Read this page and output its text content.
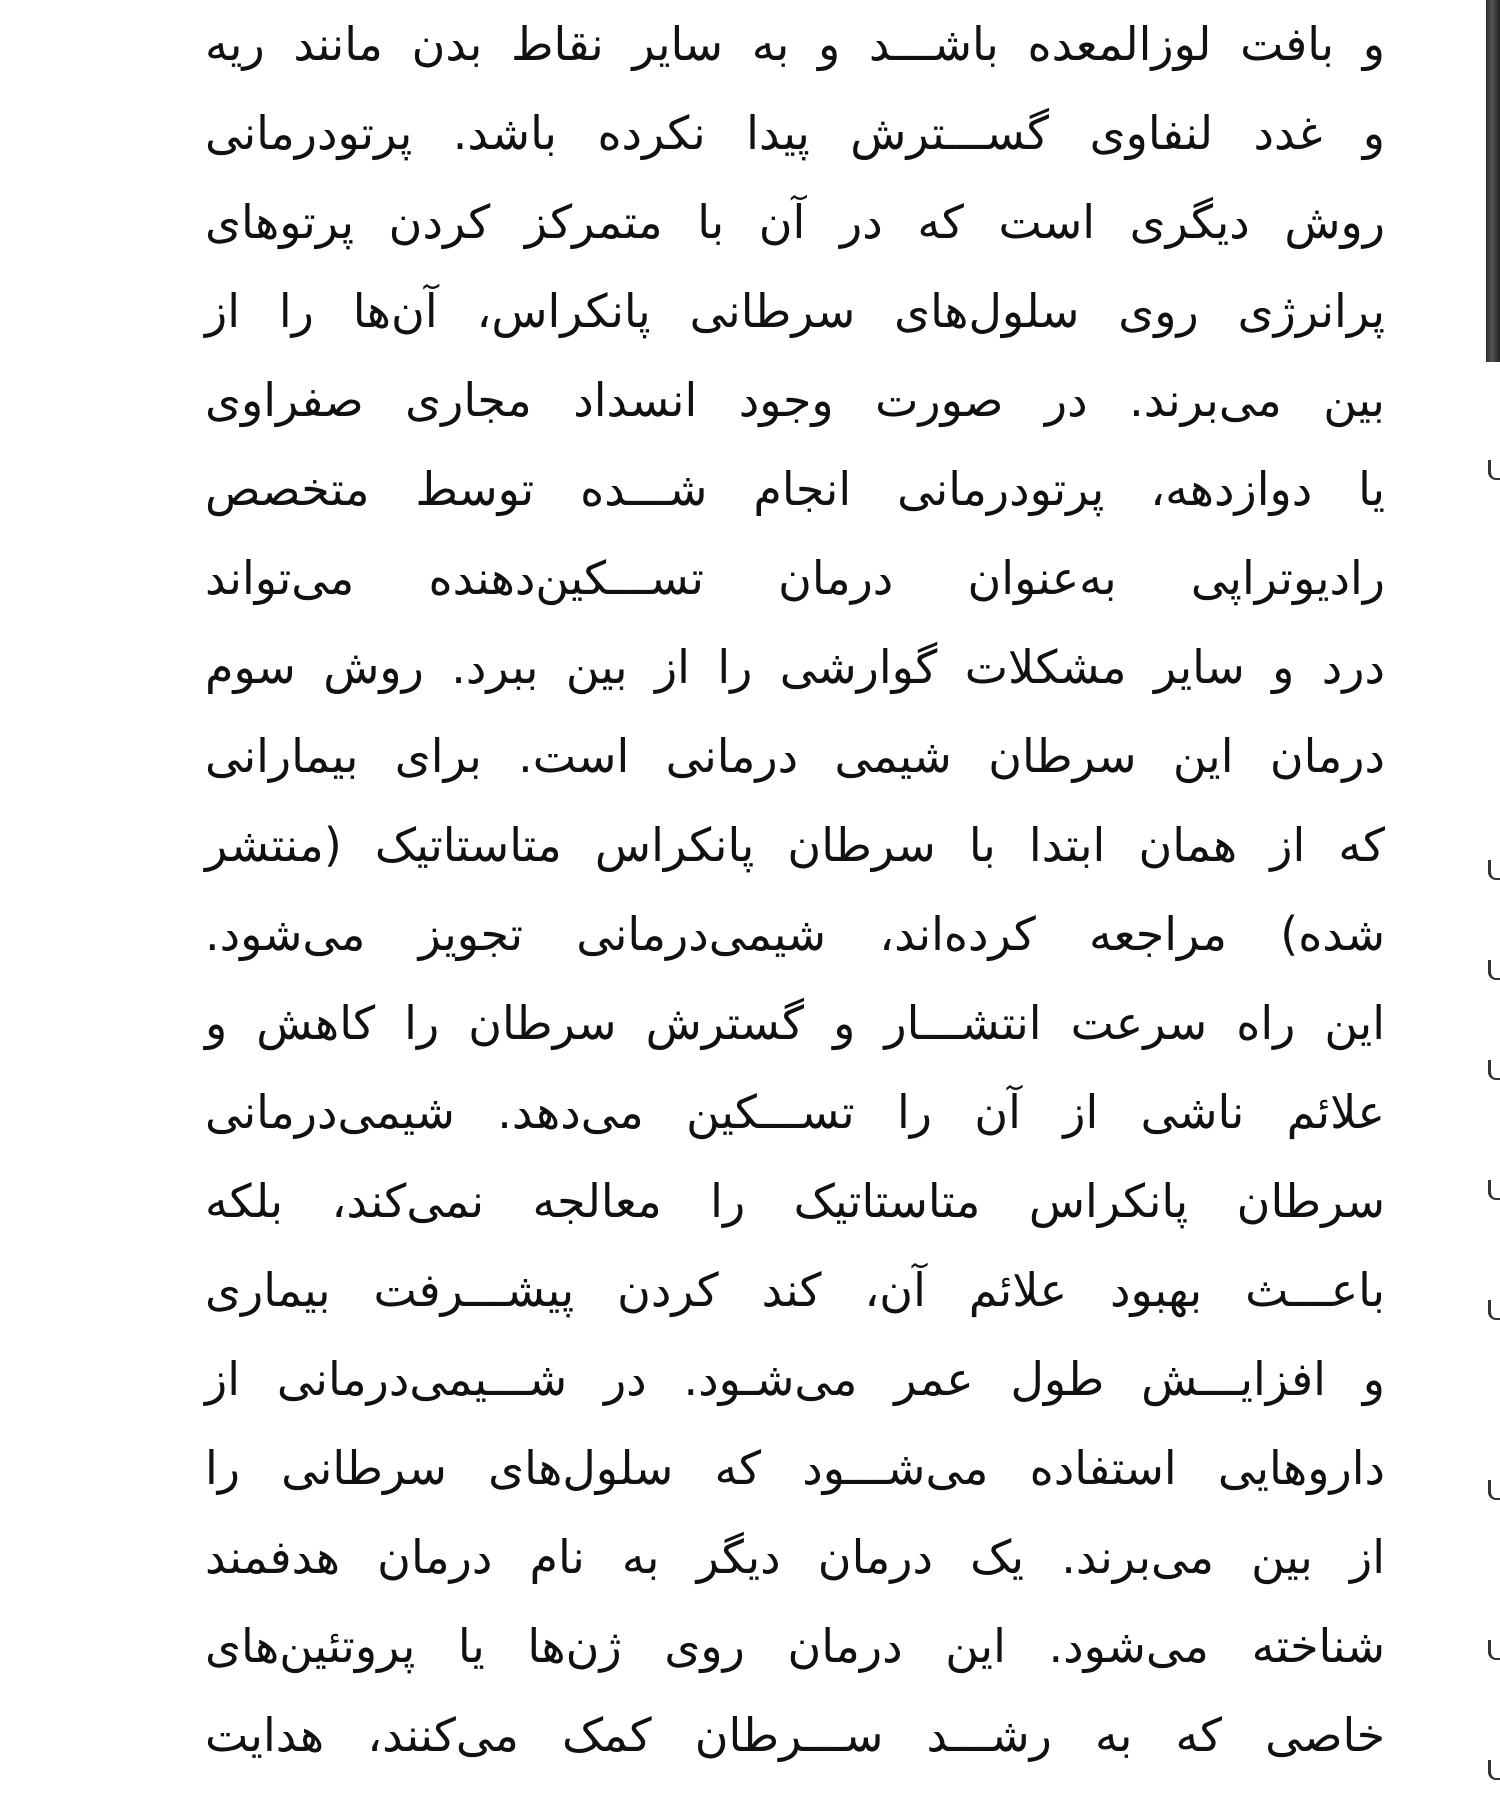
و بافت لوزالمعده باشـــد و به سایر نقاط بدن مانند ریه
و غدد لنفاوی گســـترش پیدا نکرده باشد. پرتودرمانی
روش دیگری است که در آن با متمرکز کردن پرتوهای
پرانرژی روی سلول‌های سرطانی پانکراس، آن‌ها را از
بین می‌برند. در صورت وجود انسداد مجاری صفراوی
یا دوازدهه، پرتودرمانی انجام شـــده توسط متخصص
رادیوتراپی به‌عنوان درمان تســـکین‌دهنده می‌تواند
درد و سایر مشکلات گوارشی را از بین ببرد. روش سوم
درمان این سرطان شیمی درمانی است. برای بیمارانی
که از همان ابتدا با سرطان پانکراس متاستاتیک (منتشر
شده) مراجعه کرده‌اند، شیمی‌درمانی تجویز می‌شود.
این راه سرعت انتشـــار و گسترش سرطان را کاهش و
علائم ناشی از آن را تســـکین می‌دهد. شیمی‌درمانی
سرطان پانکراس متاستاتیک را معالجه نمی‌کند، بلکه
باعـــث بهبود علائم آن، کند کردن پیشـــرفت بیماری
و افزایـــش طول عمر می‌شـود. در شـــیمی‌درمانی از
داروهایی استفاده می‌شـــود که سلول‌های سرطانی را
از بین می‌برند. یک درمان دیگر به نام درمان هدفمند
شناخته می‌شود. این درمان روی ژن‌ها یا پروتئین‌های
خاصی که به رشـــد ســـرطان کمک می‌کنند، هدایت
